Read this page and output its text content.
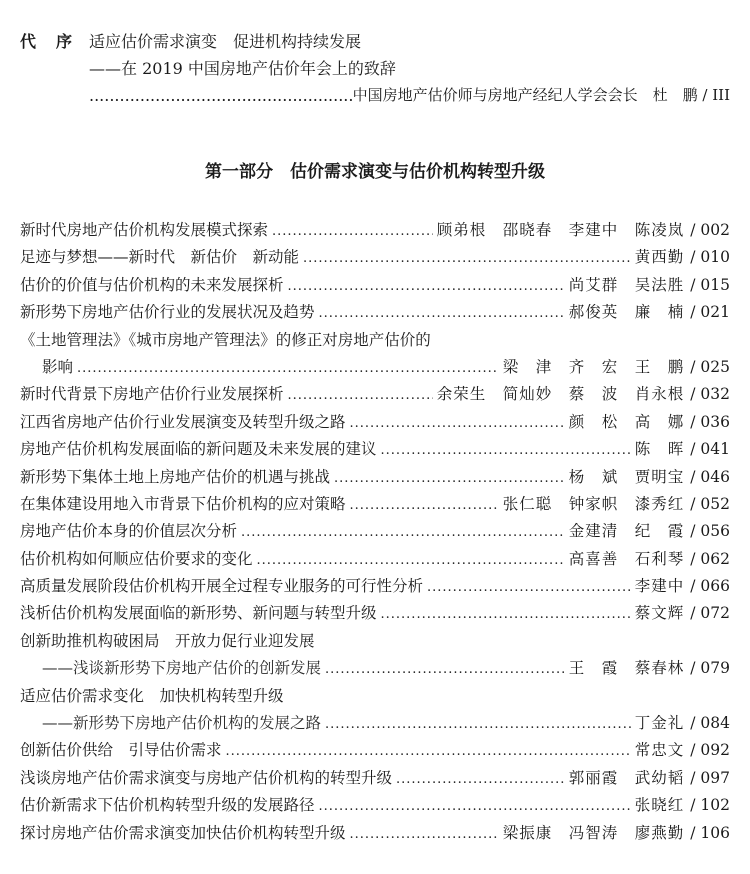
代　序 适应估价需求演变　促进机构持续发展
——在 2019 中国房地产估价年会上的致辞
.....
中国房地产估价师与房地产经纪人学会会长　杜　鹏 / III
第一部分　估价需求演变与估价机构转型升级
新时代房地产估价机构发展模式探索 .....	顾弟根　邵晓春　李建中　陈凌岚 / 002
足迹与梦想——新时代　新估价　新动能 .....	黄西勤 / 010
估价的价值与估价机构的未来发展探析 .....	尚艾群　吴法胜 / 015
新形势下房地产估价行业的发展状况及趋势 .....	郝俊英　廉　楠 / 021
《土地管理法》《城市房地产管理法》的修正对房地产估价的
影响 .....	梁　津　齐　宏　王　鹏 / 025
新时代背景下房地产估价行业发展探析 .....	余荣生　简灿妙　蔡　波　肖永根 / 032
江西省房地产估价行业发展演变及转型升级之路 .....	颜　松　高　娜 / 036
房地产估价机构发展面临的新问题及未来发展的建议 .....	陈　晖 / 041
新形势下集体土地上房地产估价的机遇与挑战 .....	杨　斌　贾明宝 / 046
在集体建设用地入市背景下估价机构的应对策略 .....	张仁聪　钟家帜　漆秀红 / 052
房地产估价本身的价值层次分析 .....	金建清　纪　霞 / 056
估价机构如何顺应估价要求的变化 .....	高喜善　石利琴 / 062
高质量发展阶段估价机构开展全过程专业服务的可行性分析 .....	李建中 / 066
浅析估价机构发展面临的新形势、新问题与转型升级 .....	蔡文辉 / 072
创新助推机构破困局　开放力促行业迎发展
——浅谈新形势下房地产估价的创新发展 .....	王　霞　蔡春林 / 079
适应估价需求变化　加快机构转型升级
——新形势下房地产估价机构的发展之路 .....	丁金礼 / 084
创新估价供给　引导估价需求 .....	常忠文 / 092
浅谈房地产估价需求演变与房地产估价机构的转型升级 .....	郭丽霞　武幼韬 / 097
估价新需求下估价机构转型升级的发展路径 .....	张晓红 / 102
探讨房地产估价需求演变加快估价机构转型升级 .....	梁振康　冯智涛　廖燕勤 / 106
